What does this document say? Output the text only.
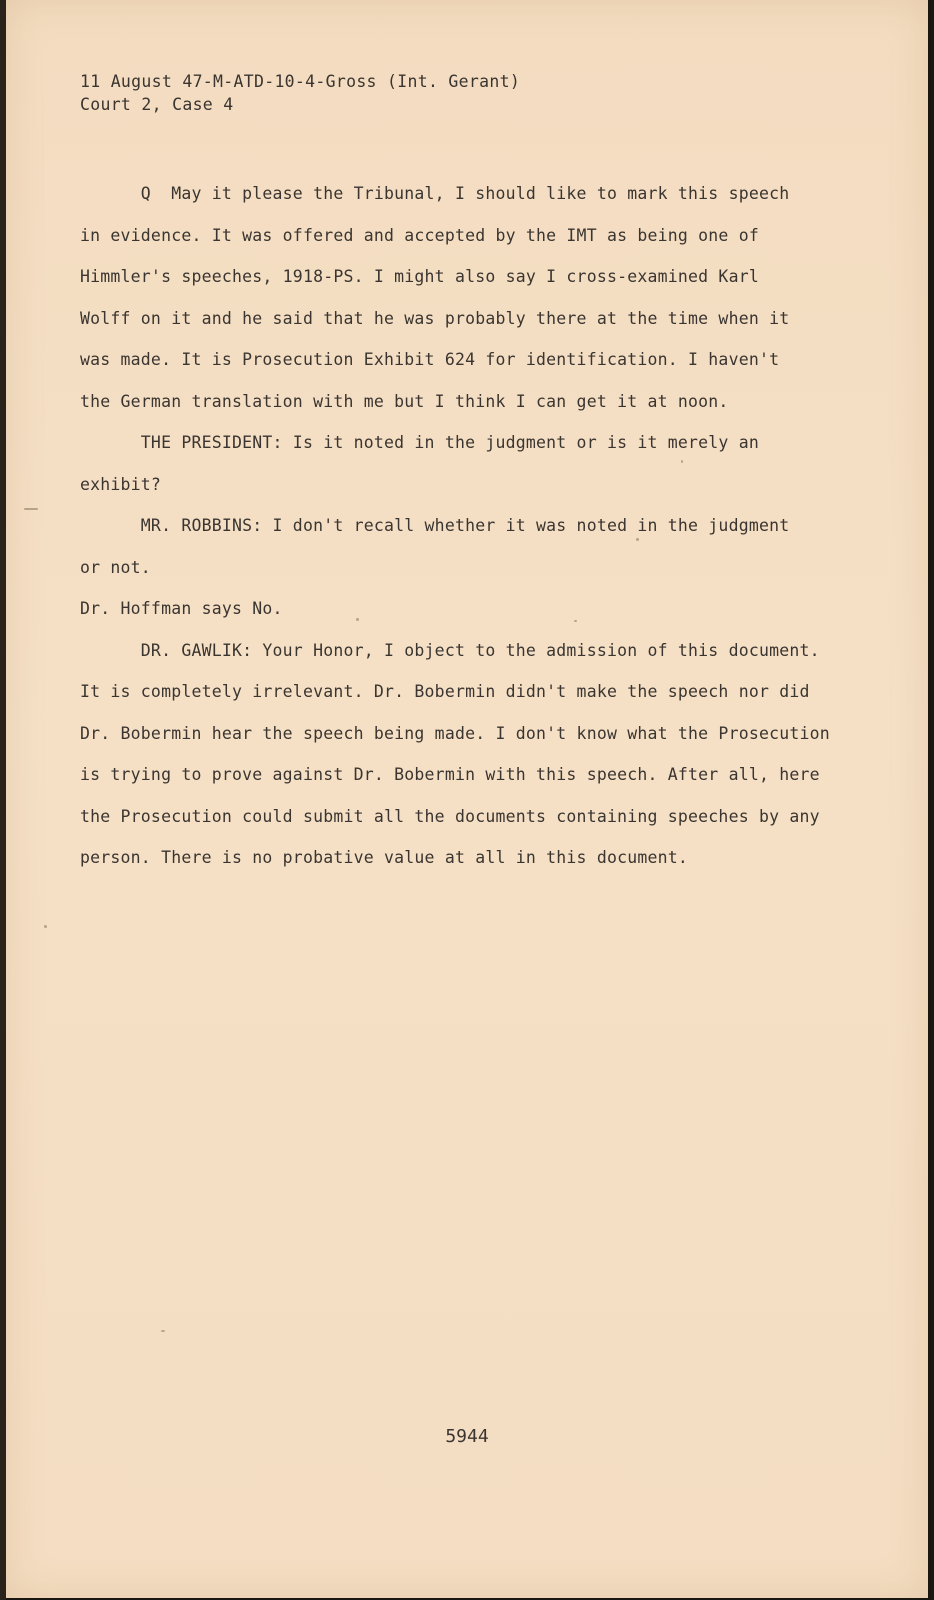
11 August 47-M-ATD-10-4-Gross (Int. Gerant)
Court 2, Case 4
Q  May it please the Tribunal, I should like to mark this speech
in evidence. It was offered and accepted by the IMT as being one of
Himmler's speeches, 1918-PS. I might also say I cross-examined Karl
Wolff on it and he said that he was probably there at the time when it
was made. It is Prosecution Exhibit 624 for identification. I haven't
the German translation with me but I think I can get it at noon.
THE PRESIDENT: Is it noted in the judgment or is it merely an
exhibit?
MR. ROBBINS: I don't recall whether it was noted in the judgment
or not.
Dr. Hoffman says No.
DR. GAWLIK: Your Honor, I object to the admission of this document.
It is completely irrelevant. Dr. Bobermin didn't make the speech nor did
Dr. Bobermin hear the speech being made. I don't know what the Prosecution
is trying to prove against Dr. Bobermin with this speech. After all, here
the Prosecution could submit all the documents containing speeches by any
person. There is no probative value at all in this document.
5944
